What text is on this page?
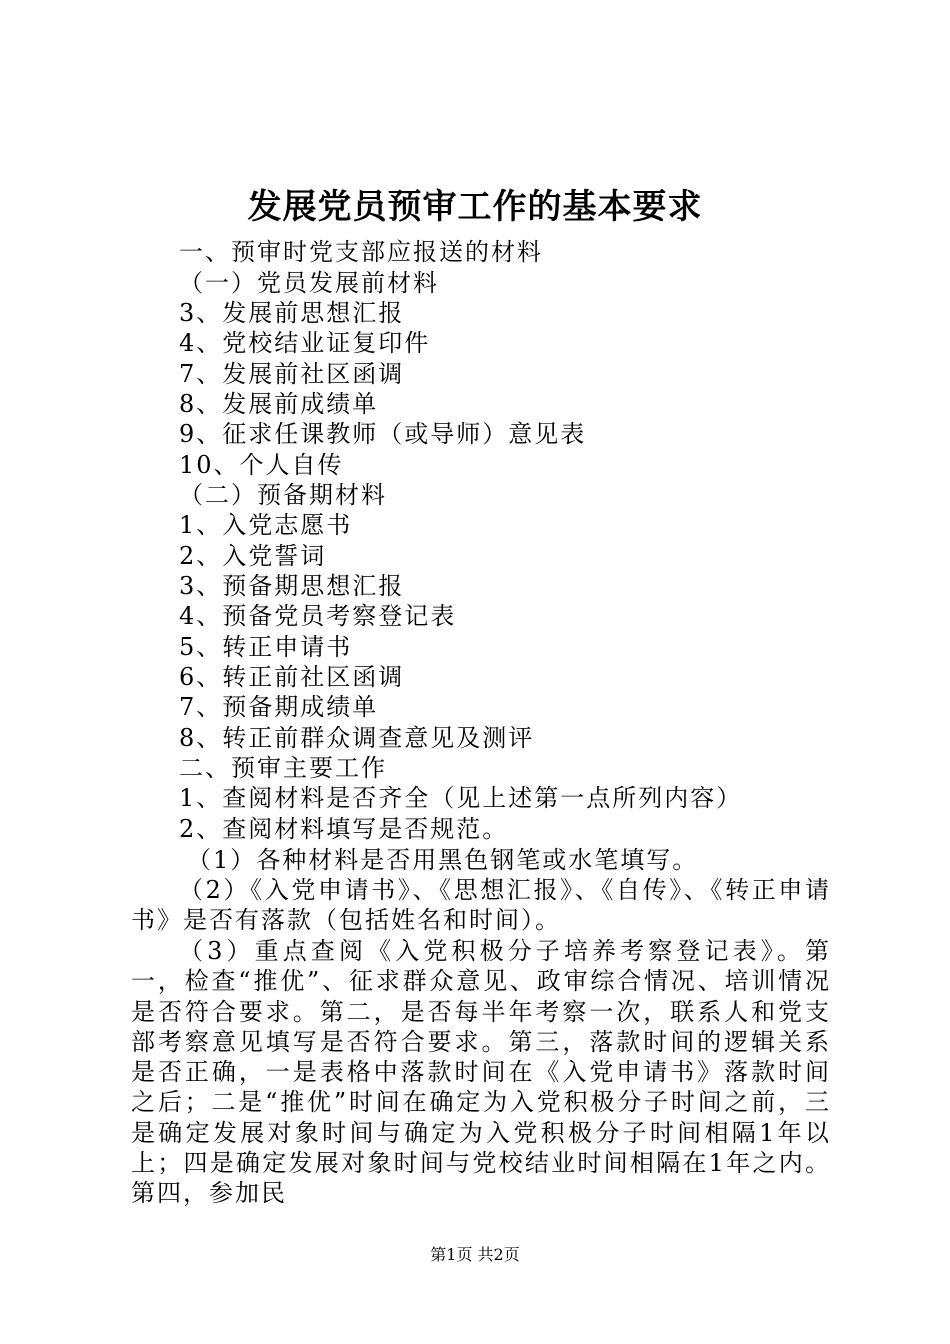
发展党员预审工作的基本要求
一、预审时党支部应报送的材料
（一）党员发展前材料
3、发展前思想汇报
4、党校结业证复印件
7、发展前社区函调
8、发展前成绩单
9、征求任课教师（或导师）意见表
10、个人自传
（二）预备期材料
1、入党志愿书
2、入党誓词
3、预备期思想汇报
4、预备党员考察登记表
5、转正申请书
6、转正前社区函调
7、预备期成绩单
8、转正前群众调查意见及测评
二、预审主要工作
1、查阅材料是否齐全（见上述第一点所列内容）
2、查阅材料填写是否规范。
（1）各种材料是否用黑色钢笔或水笔填写。
（2）《入党申请书》、《思想汇报》、《自传》、《转正申请书》是否有落款（包括姓名和时间）。
（3）重点查阅《入党积极分子培养考察登记表》。第一，检查“推优”、征求群众意见、政审综合情况、培训情况是否符合要求。第二，是否每半年考察一次，联系人和党支部考察意见填写是否符合要求。第三，落款时间的逻辑关系是否正确，一是表格中落款时间在《入党申请书》落款时间之后；二是“推优”时间在确定为入党积极分子时间之前，三是确定发展对象时间与确定为入党积极分子时间相隔1年以上；四是确定发展对象时间与党校结业时间相隔在1年之内。第四，参加民
第1页 共2页
